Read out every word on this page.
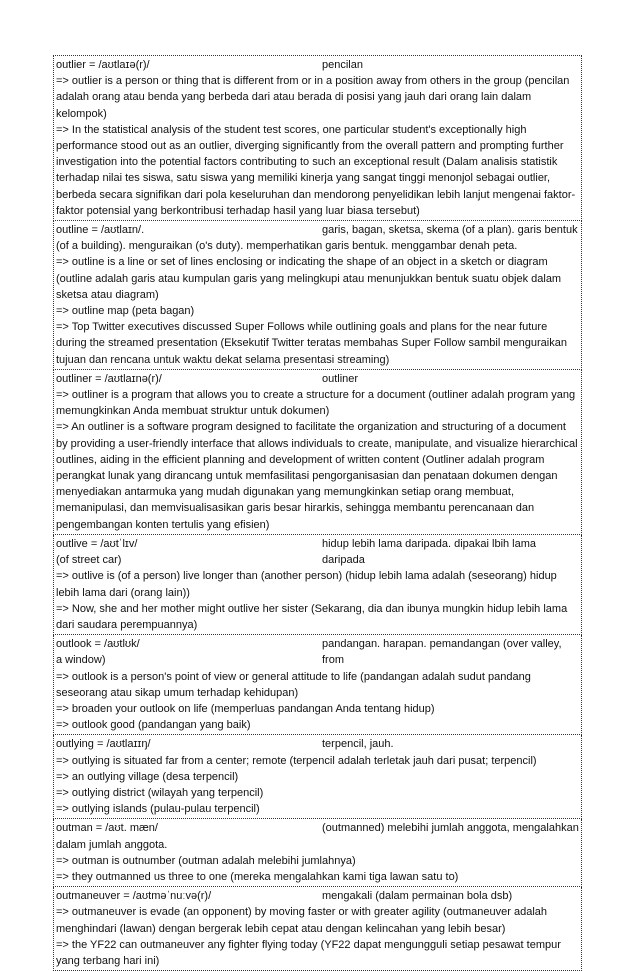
outlier = /aʊtlaɪə(r)/	pencilan
=> outlier is a person or thing that is different from or in a position away from others in the group (pencilan adalah orang atau benda yang berbeda dari atau berada di posisi yang jauh dari orang lain dalam kelompok)
=> In the statistical analysis of the student test scores, one particular student's exceptionally high performance stood out as an outlier, diverging significantly from the overall pattern and prompting further investigation into the potential factors contributing to such an exceptional result (Dalam analisis statistik terhadap nilai tes siswa, satu siswa yang memiliki kinerja yang sangat tinggi menonjol sebagai outlier, berbeda secara signifikan dari pola keseluruhan dan mendorong penyelidikan lebih lanjut mengenai faktor-faktor potensial yang berkontribusi terhadap hasil yang luar biasa tersebut)
outline = /aʊtlaɪn/.	garis, bagan, sketsa, skema (of a plan). garis bentuk
(of a building). menguraikan (o's duty). memperhatikan garis bentuk. menggambar denah peta.
=> outline is a line or set of lines enclosing or indicating the shape of an object in a sketch or diagram (outline adalah garis atau kumpulan garis yang melingkupi atau menunjukkan bentuk suatu objek dalam sketsa atau diagram)
=> outline map (peta bagan)
=> Top Twitter executives discussed Super Follows while outlining goals and plans for the near future during the streamed presentation (Eksekutif Twitter teratas membahas Super Follow sambil menguraikan tujuan dan rencana untuk waktu dekat selama presentasi streaming)
outliner = /aʊtlaɪnə(r)/	outliner
=> outliner is a program that allows you to create a structure for a document (outliner adalah program yang memungkinkan Anda membuat struktur untuk dokumen)
=> An outliner is a software program designed to facilitate the organization and structuring of a document by providing a user-friendly interface that allows individuals to create, manipulate, and visualize hierarchical outlines, aiding in the efficient planning and development of written content (Outliner adalah program perangkat lunak yang dirancang untuk memfasilitasi pengorganisasian dan penataan dokumen dengan menyediakan antarmuka yang mudah digunakan yang memungkinkan setiap orang membuat, memanipulasi, dan memvisualisasikan garis besar hirarkis, sehingga membantu perencanaan dan pengembangan konten tertulis yang efisien)
outlive = /aʊtˈlɪv/	hidup lebih lama daripada. dipakai lbih lama daripada
(of street car)
=> outlive is (of a person) live longer than (another person) (hidup lebih lama adalah (seseorang) hidup lebih lama dari (orang lain))
=> Now, she and her mother might outlive her sister (Sekarang, dia dan ibunya mungkin hidup lebih lama dari saudara perempuannya)
outlook = /aʊtlʊk/	pandangan. harapan. pemandangan (over valley, from
a window)
=> outlook is a person's point of view or general attitude to life (pandangan adalah sudut pandang seseorang atau sikap umum terhadap kehidupan)
=> broaden your outlook on life (memperluas pandangan Anda tentang hidup)
=> outlook good (pandangan yang baik)
outlying = /aʊtlaɪɪŋ/	terpencil, jauh.
=> outlying is situated far from a center; remote (terpencil adalah terletak jauh dari pusat; terpencil)
=> an outlying village (desa terpencil)
=> outlying district (wilayah yang terpencil)
=> outlying islands (pulau-pulau terpencil)
outman = /aʊt. mæn/	(outmanned) melebihi jumlah anggota, mengalahkan
dalam jumlah anggota.
=> outman is outnumber (outman adalah melebihi jumlahnya)
=> they outmanned us three to one (mereka mengalahkan kami tiga lawan satu to)
outmaneuver = /aʊtməˈnuːvə(r)/	mengakali (dalam permainan bola dsb)
=> outmaneuver is evade (an opponent) by moving faster or with greater agility (outmaneuver adalah menghindari (lawan) dengan bergerak lebih cepat atau dengan kelincahan yang lebih besar)
=> the YF22 can outmaneuver any fighter flying today (YF22 dapat mengungguli setiap pesawat tempur yang terbang hari ini)
